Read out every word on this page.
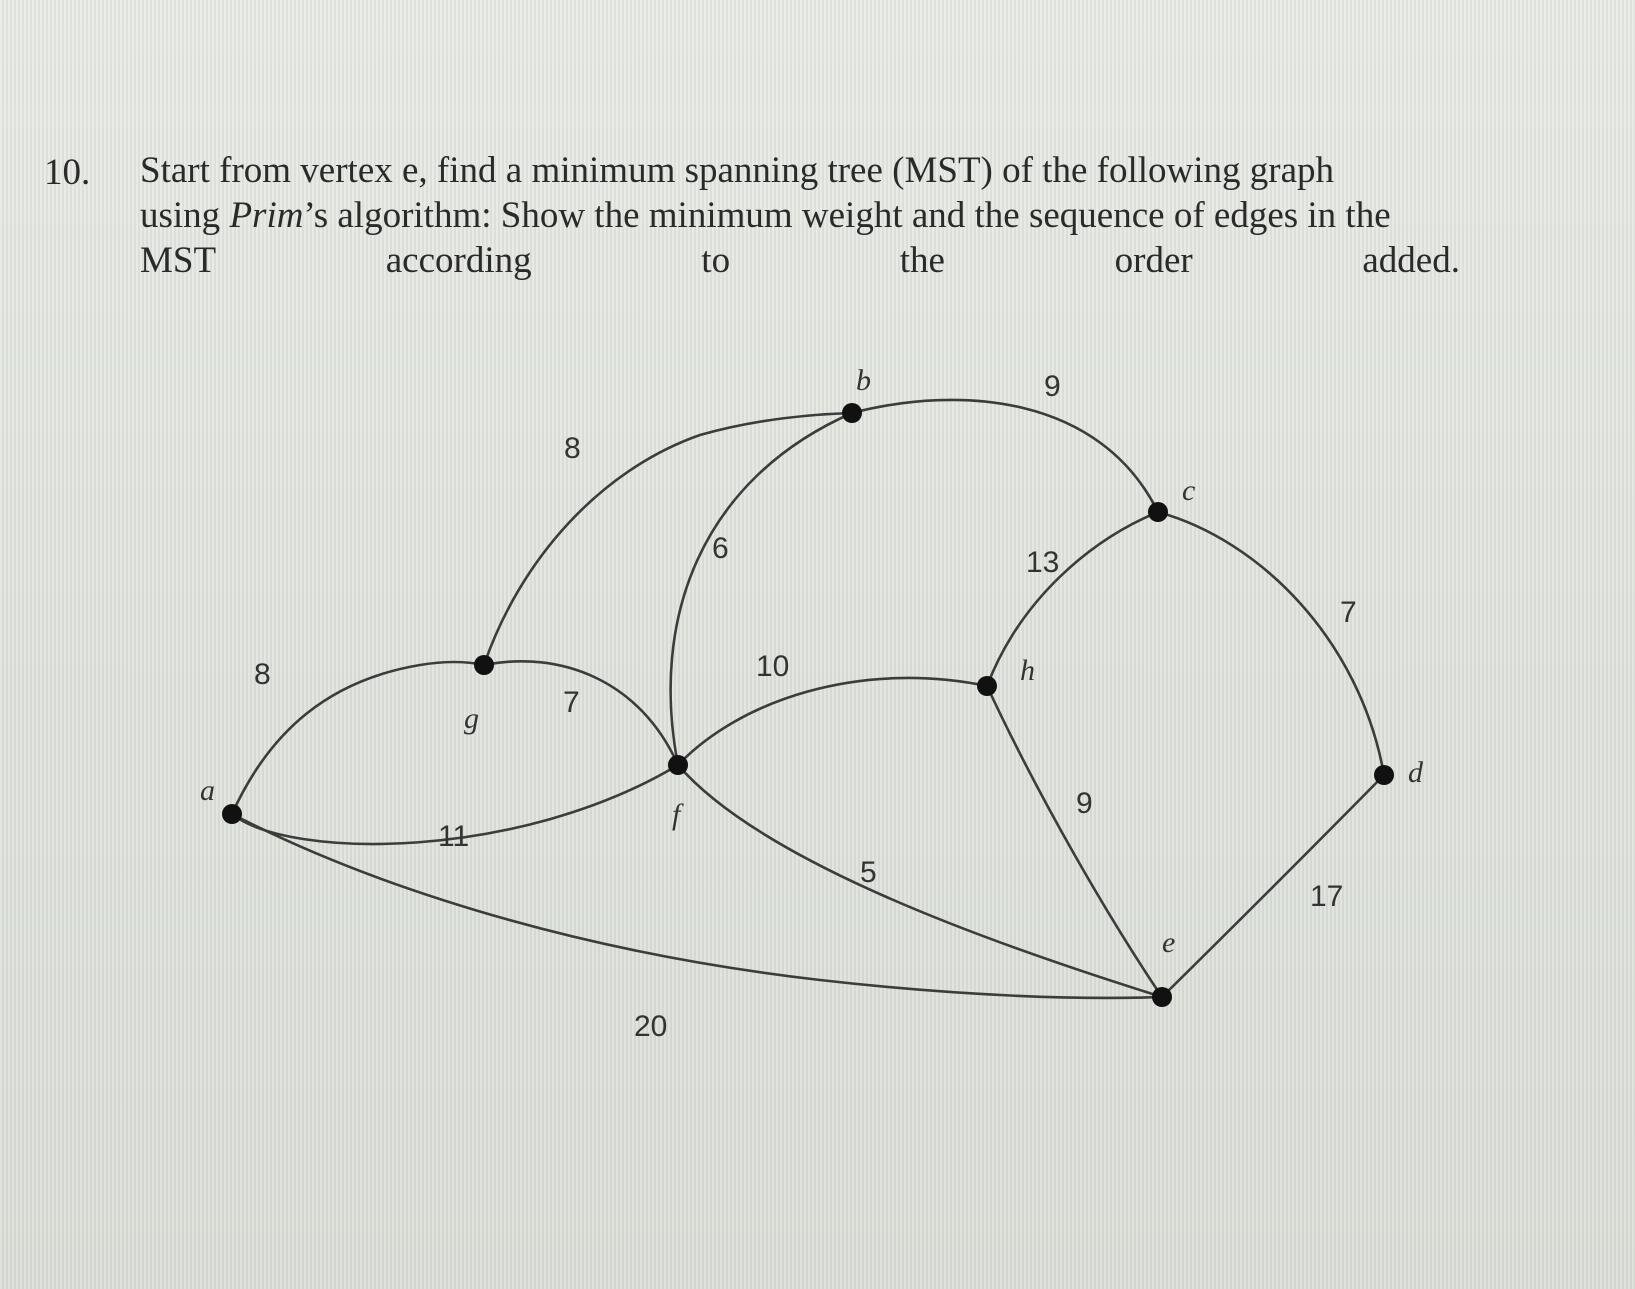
10. Start from vertex e, find a minimum spanning tree (MST) of the following graph
using Prim’s algorithm: Show the minimum weight and the sequence of edges in the
MST	according	to	the	order	added.
8
8
7
11
20
6
10
5
9
13
9
7
17
a
b
c
d
e
f
g
h
